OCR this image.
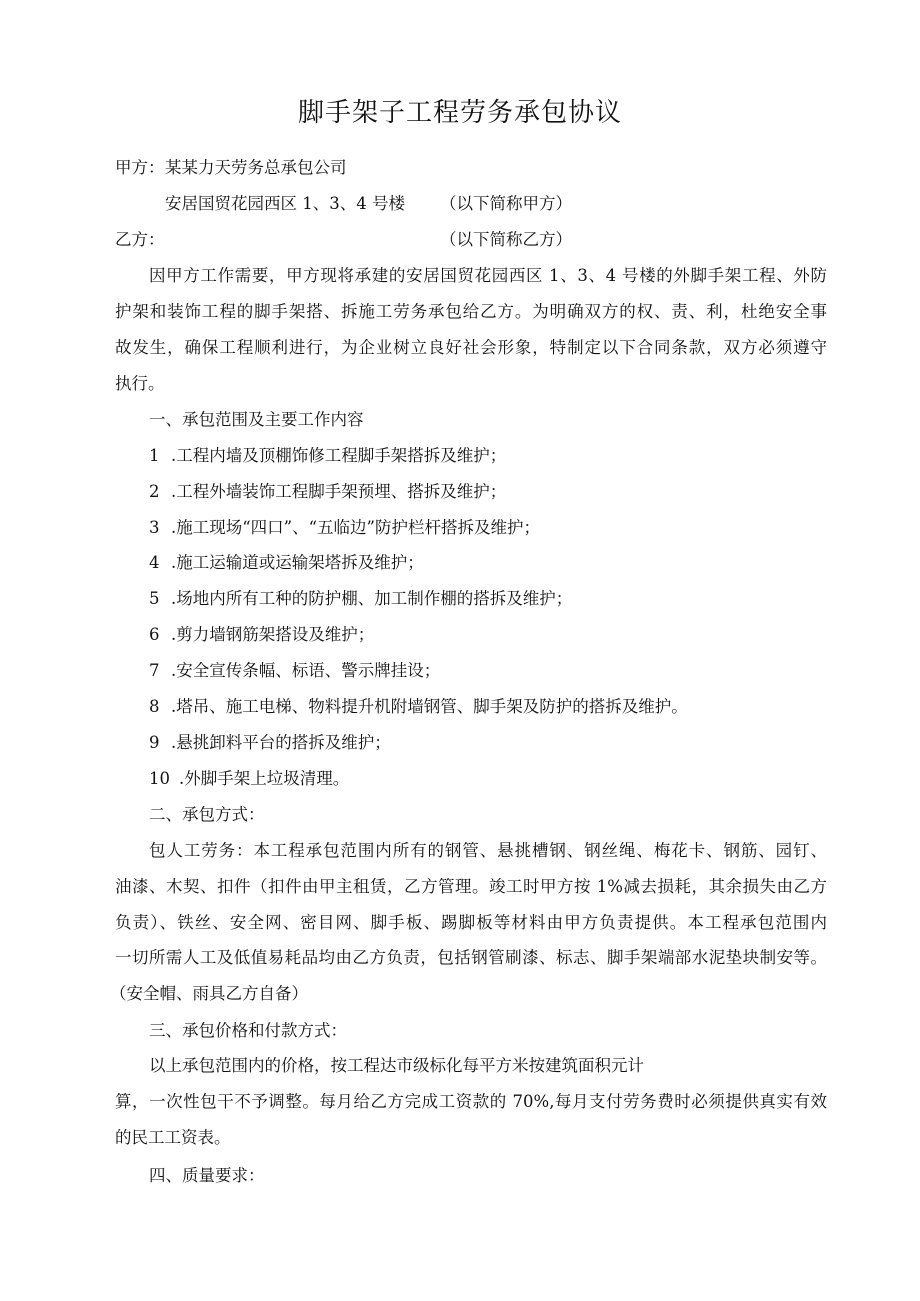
脚手架子工程劳务承包协议
甲方： 某某力天劳务总承包公司
安居国贸花园西区 1、3、4 号楼 （以下简称甲方）
乙方：	（以下简称乙方）
因甲方工作需要，甲方现将承建的安居国贸花园西区 1、3、4 号楼的外脚手架工程、外防
护架和装饰工程的脚手架搭、拆施工劳务承包给乙方。为明确双方的权、责、利，杜绝安全事
故发生，确保工程顺利进行，为企业树立良好社会形象，特制定以下合同条款，双方必须遵守
执行。
一、承包范围及主要工作内容
1 .工程内墙及顶棚饰修工程脚手架搭拆及维护；
2 .工程外墙装饰工程脚手架预埋、搭拆及维护；
3 .施工现场“四口”、“五临边”防护栏杆搭拆及维护；
4 .施工运输道或运输架塔拆及维护；
5 .场地内所有工种的防护棚、加工制作棚的搭拆及维护；
6 .剪力墙钢筋架搭设及维护；
7 .安全宣传条幅、标语、警示牌挂设；
8 .塔吊、施工电梯、物料提升机附墙钢管、脚手架及防护的搭拆及维护。
9 .悬挑卸料平台的搭拆及维护；
10 .外脚手架上垃圾清理。
二、承包方式：
包人工劳务：本工程承包范围内所有的钢管、悬挑槽钢、钢丝绳、梅花卡、钢筋、园钉、
油漆、木契、扣件（扣件由甲主租赁，乙方管理。竣工时甲方按 1%减去损耗，其余损失由乙方
负责）、铁丝、安全网、密目网、脚手板、踢脚板等材料由甲方负责提供。本工程承包范围内
一切所需人工及低值易耗品均由乙方负责，包括钢管刷漆、标志、脚手架端部水泥垫块制安等。
（安全帽、雨具乙方自备）
三、承包价格和付款方式：
以上承包范围内的价格，按工程达市级标化每平方米按建筑面积元计
算，一次性包干不予调整。每月给乙方完成工资款的 70%,每月支付劳务费时必须提供真实有效
的民工工资表。
四、质量要求：
